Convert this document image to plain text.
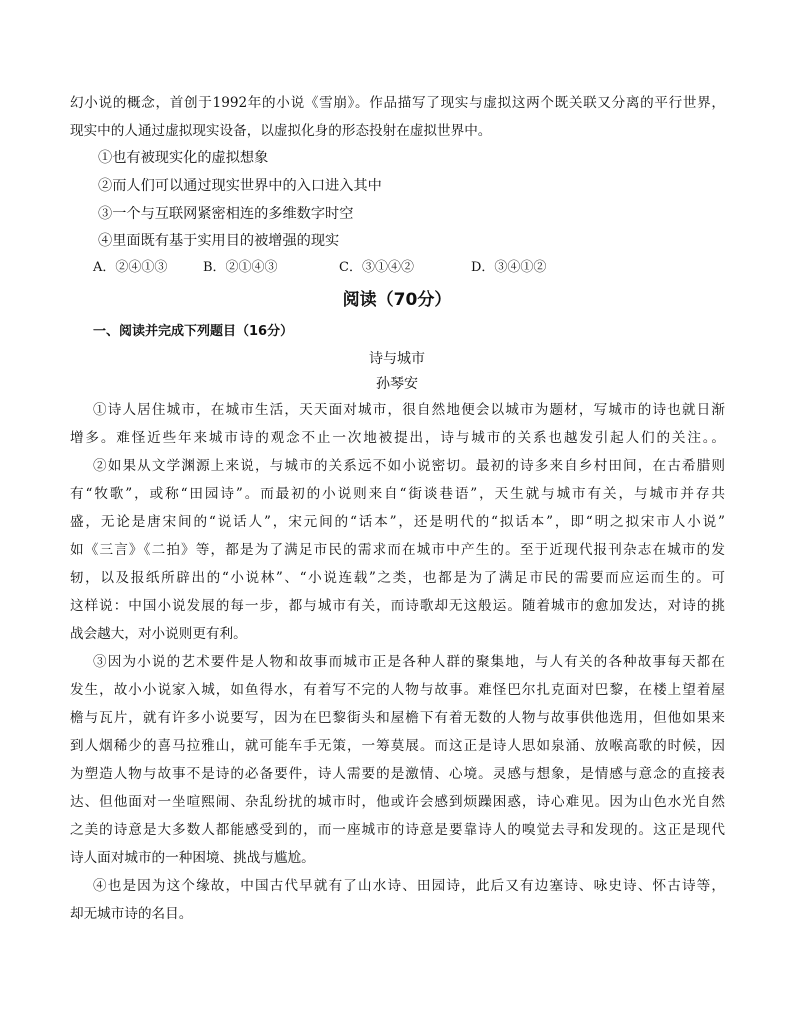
幻小说的概念，首创于1992年的小说《雪崩》。作品描写了现实与虚拟这两个既关联又分离的平行世界，
现实中的人通过虚拟现实设备，以虚拟化身的形态投射在虚拟世界中。
①也有被现实化的虚拟想象
②而人们可以通过现实世界中的入口进入其中
③一个与互联网紧密相连的多维数字时空
④里面既有基于实用目的被增强的现实
A．②④①③	B．②①④③	C．③①④②	D．③④①②
阅读（70分）
一、阅读并完成下列题目（16分）
诗与城市
孙琴安
①诗人居住城市，在城市生活，天天面对城市，很自然地便会以城市为题材，写城市的诗也就日渐
增多。难怪近些年来城市诗的观念不止一次地被提出，诗与城市的关系也越发引起人们的关注。。
②如果从文学渊源上来说，与城市的关系远不如小说密切。最初的诗多来自乡村田间，在古希腊则
有“牧歌”，或称“田园诗”。而最初的小说则来自“街谈巷语”，天生就与城市有关，与城市并存共
盛，无论是唐宋间的“说话人”，宋元间的“话本”，还是明代的“拟话本”，即“明之拟宋市人小说”
如《三言》《二拍》等，都是为了满足市民的需求而在城市中产生的。至于近现代报刊杂志在城市的发
轫，以及报纸所辟出的“小说林”、“小说连载”之类，也都是为了满足市民的需要而应运而生的。可
这样说：中国小说发展的每一步，都与城市有关，而诗歌却无这般运。随着城市的愈加发达，对诗的挑
战会越大，对小说则更有利。
③因为小说的艺术要件是人物和故事而城市正是各种人群的聚集地，与人有关的各种故事每天都在
发生，故小小说家入城，如鱼得水，有着写不完的人物与故事。难怪巴尔扎克面对巴黎，在楼上望着屋
檐与瓦片，就有许多小说要写，因为在巴黎街头和屋檐下有着无数的人物与故事供他选用，但他如果来
到人烟稀少的喜马拉雅山，就可能车手无策，一筹莫展。而这正是诗人思如泉涌、放喉高歌的时候，因
为塑造人物与故事不是诗的必备要件，诗人需要的是激情、心境。灵感与想象，是情感与意念的直接表
达、但他面对一坐喧熙闹、杂乱纷扰的城市时，他或许会感到烦躁困惑，诗心难见。因为山色水光自然
之美的诗意是大多数人都能感受到的，而一座城市的诗意是要靠诗人的嗅觉去寻和发现的。这正是现代
诗人面对城市的一种困境、挑战与尴尬。
④也是因为这个缘故，中国古代早就有了山水诗、田园诗，此后又有边塞诗、咏史诗、怀古诗等，
却无城市诗的名目。
